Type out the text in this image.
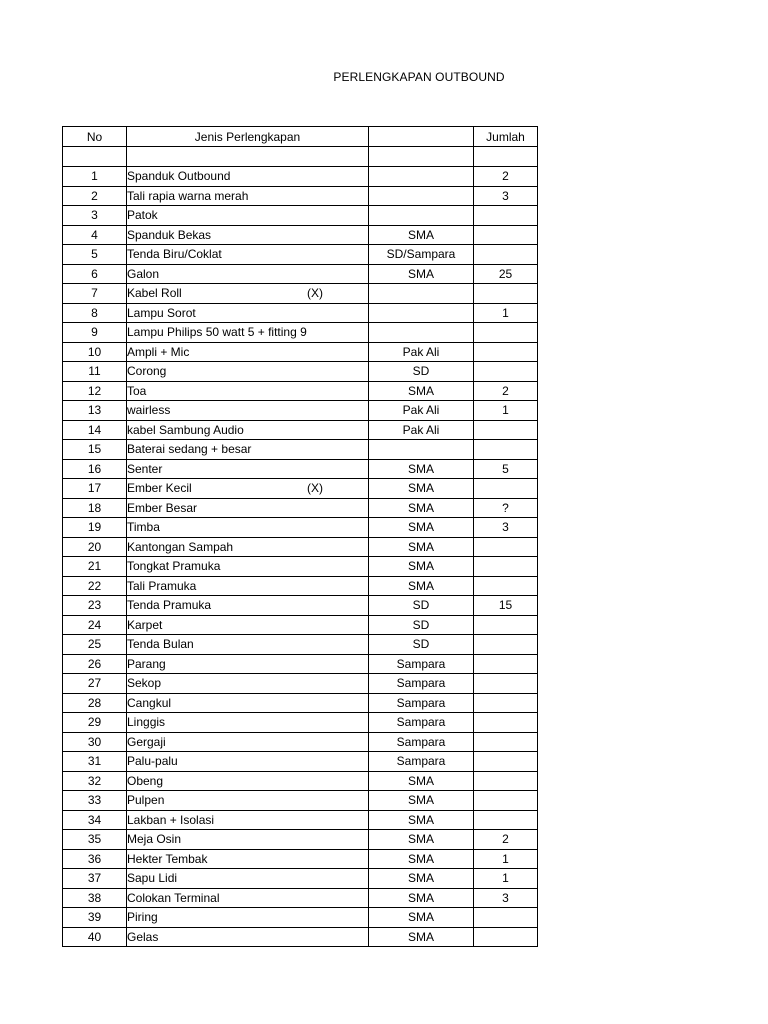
PERLENGKAPAN OUTBOUND
No	Jenis Perlengkapan		Jumlah

1	Spanduk Outbound		2
2	Tali rapia warna merah		3
3	Patok		
4	Spanduk Bekas	SMA	
5	Tenda Biru/Coklat	SD/Sampara	
6	Galon	SMA	25
7	Kabel Roll (X)		

8	Lampu Sorot		1
9	Lampu Philips 50 watt 5 + fitting 9		
10	Ampli + Mic	Pak Ali	
11	Corong	SD	
12	Toa	SMA	2
13	wairless	Pak Ali	1
14	kabel Sambung Audio	Pak Ali	
15	Baterai sedang + besar		
16	Senter	SMA	5
17	Ember Kecil (X)	SMA	
18	Ember Besar	SMA	?
19	Timba	SMA	3
20	Kantongan Sampah	SMA	
21	Tongkat Pramuka	SMA	
22	Tali Pramuka	SMA	
23	Tenda Pramuka	SD	15
24	Karpet	SD	
25	Tenda Bulan	SD	
26	Parang	Sampara	
27	Sekop	Sampara	
28	Cangkul	Sampara	
29	Linggis	Sampara	
30	Gergaji	Sampara	
31	Palu-palu	Sampara	
32	Obeng	SMA	
33	Pulpen	SMA	
34	Lakban + Isolasi	SMA	
35	Meja Osin	SMA	2
36	Hekter Tembak	SMA	1
37	Sapu Lidi	SMA	1
38	Colokan Terminal	SMA	3
39	Piring	SMA	
40	Gelas	SMA	
